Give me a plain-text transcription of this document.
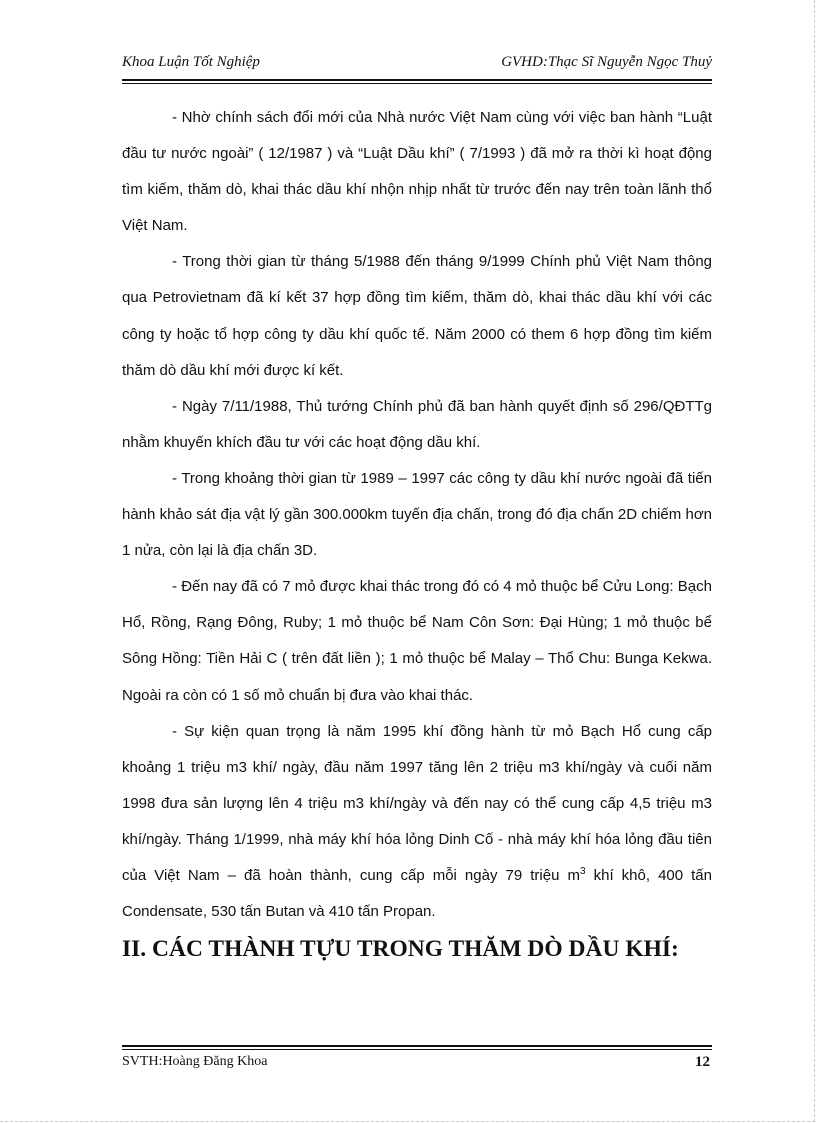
Khoa Luận Tốt Nghiệp	GVHD:Thạc Sĩ Nguyễn Ngọc Thuỷ

- Nhờ chính sách đổi mới của Nhà nước Việt Nam cùng với việc ban hành “Luật đầu tư nước ngoài” ( 12/1987 ) và “Luật Dầu khí” ( 7/1993 ) đã mở ra thời kì hoạt động tìm kiếm, thăm dò, khai thác dầu khí nhộn nhịp nhất từ trước đến nay trên toàn lãnh thổ Việt Nam.

- Trong thời gian từ tháng 5/1988 đến tháng 9/1999 Chính phủ Việt Nam thông qua Petrovietnam đã kí kết 37 hợp đồng tìm kiếm, thăm dò, khai thác dầu khí với các công ty hoặc tổ hợp công ty dầu khí quốc tế. Năm 2000 có them 6 hợp đồng tìm kiếm thăm dò dầu khí mới được kí kết.

- Ngày 7/11/1988, Thủ tướng Chính phủ đã ban hành quyết định số 296/QĐTTg nhằm khuyến khích đầu tư với các hoạt động dầu khí.

- Trong khoảng thời gian từ 1989 – 1997 các công ty dầu khí nước ngoài đã tiến hành khảo sát địa vật lý gần 300.000km tuyến địa chấn, trong đó địa chấn 2D chiếm hơn 1 nửa, còn lại là địa chấn 3D.

- Đến nay đã có 7 mỏ được khai thác trong đó có 4 mỏ thuộc bể Cửu Long: Bạch Hổ, Rồng, Rạng Đông, Ruby; 1 mỏ thuộc bể Nam Côn Sơn: Đại Hùng; 1 mỏ thuộc bể Sông Hồng: Tiền Hải C ( trên đất liền ); 1 mỏ thuộc bể Malay – Thổ Chu: Bunga Kekwa. Ngoài ra còn có 1 số mỏ chuẩn bị đưa vào khai thác.

- Sự kiện quan trọng là năm 1995 khí đồng hành từ mỏ Bạch Hổ cung cấp khoảng 1 triệu m3 khí/ ngày, đầu năm 1997 tăng lên 2 triệu m3 khí/ngày và cuối năm 1998 đưa sản lượng lên 4 triệu m3 khí/ngày và đến nay có thể cung cấp 4,5 triệu m3 khí/ngày. Tháng 1/1999, nhà máy khí hóa lỏng Dinh Cố - nhà máy khí hóa lỏng đầu tiên của Việt Nam – đã hoàn thành, cung cấp mỗi ngày 79 triệu $m^3$ khí khô, 400 tấn Condensate, 530 tấn Butan và 410 tấn Propan.

II. CÁC THÀNH TỰU TRONG THĂM DÒ DẦU KHÍ:
SVTH:Hoàng Đăng Khoa	12
